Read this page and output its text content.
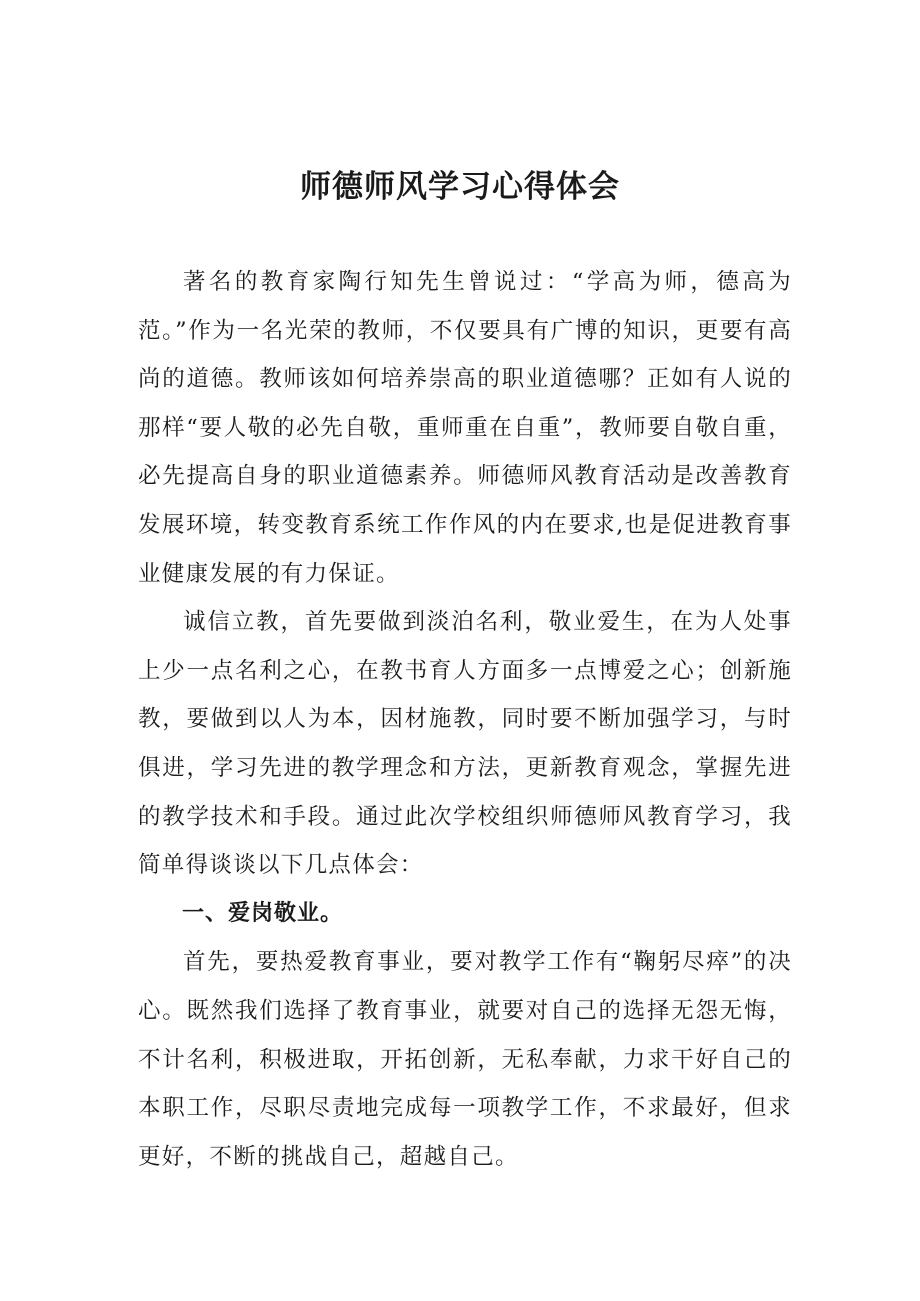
师德师风学习心得体会

著名的教育家陶行知先生曾说过：“学高为师，德高为范。”作为一名光荣的教师，不仅要具有广博的知识，更要有高尚的道德。教师该如何培养崇高的职业道德哪？正如有人说的那样“要人敬的必先自敬，重师重在自重”，教师要自敬自重，必先提高自身的职业道德素养。师德师风教育活动是改善教育发展环境，转变教育系统工作作风的内在要求,也是促进教育事业健康发展的有力保证。

诚信立教，首先要做到淡泊名利，敬业爱生，在为人处事上少一点名利之心，在教书育人方面多一点博爱之心；创新施教，要做到以人为本，因材施教，同时要不断加强学习，与时俱进，学习先进的教学理念和方法，更新教育观念，掌握先进的教学技术和手段。通过此次学校组织师德师风教育学习，我简单得谈谈以下几点体会：

一、爱岗敬业。

首先，要热爱教育事业，要对教学工作有“鞠躬尽瘁”的决心。既然我们选择了教育事业，就要对自己的选择无怨无悔，不计名利，积极进取，开拓创新，无私奉献，力求干好自己的本职工作，尽职尽责地完成每一项教学工作，不求最好，但求更好，不断的挑战自己，超越自己。
